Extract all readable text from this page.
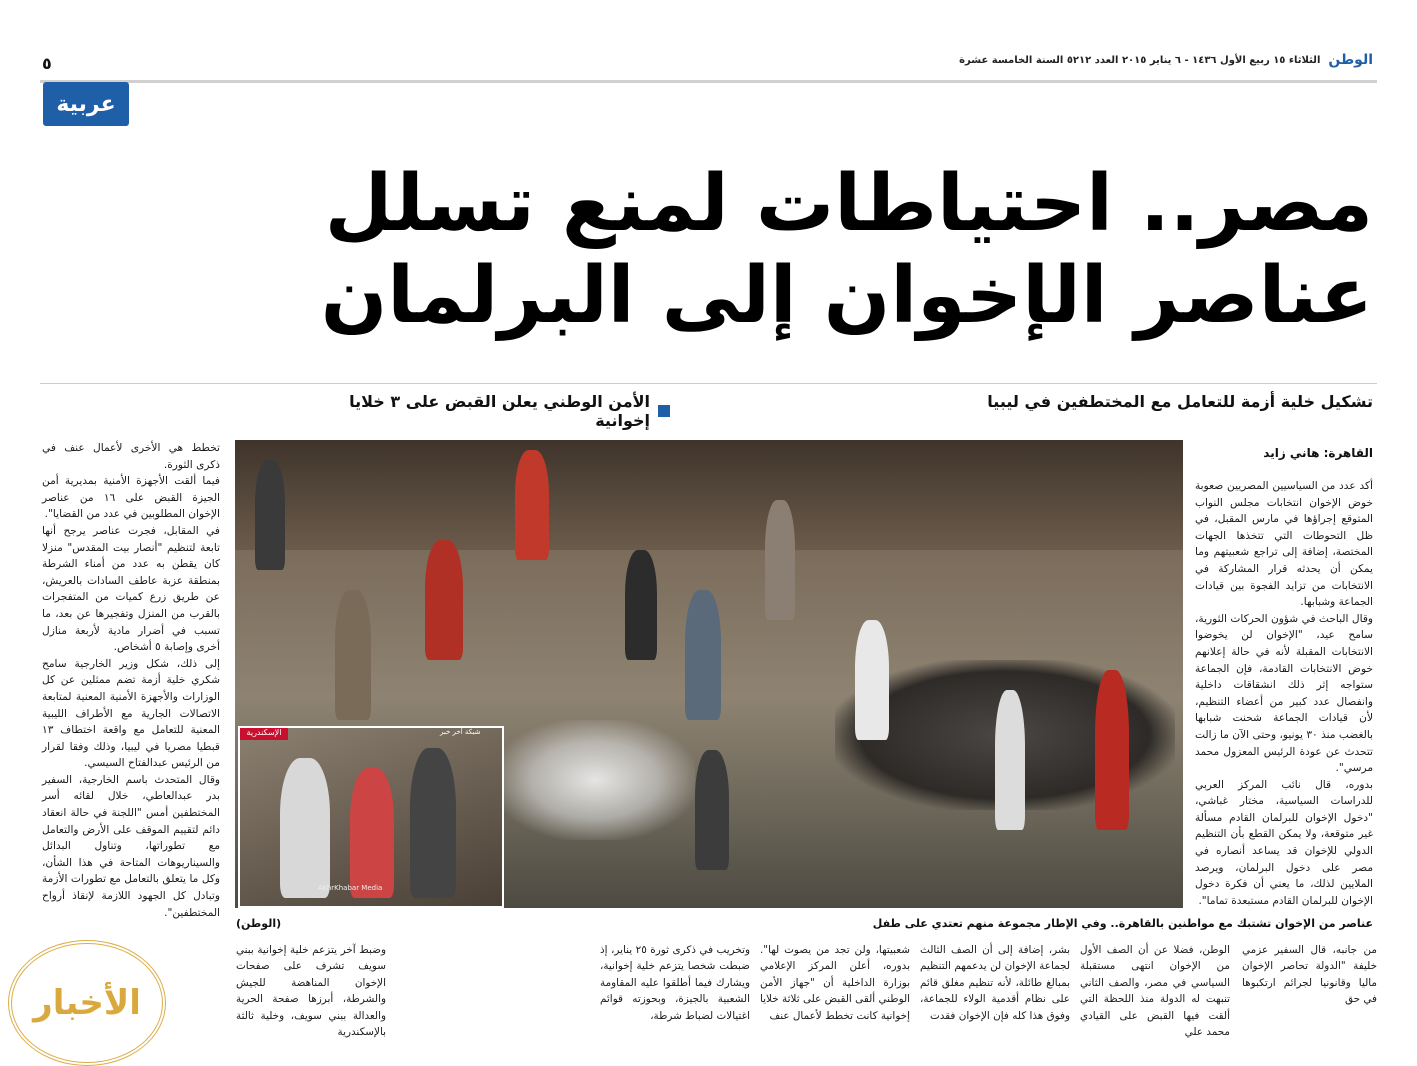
٥	الوطن
الثلاثاء ١٥ ربيع الأول ١٤٣٦ - ٦ يناير ٢٠١٥ العدد ٥٢١٢ السنة الخامسة عشرة
عربية
مصر.. احتياطات لمنع تسلل عناصر الإخوان إلى البرلمان
تشكيل خلية أزمة للتعامل مع المختطفين في ليبيا
الأمن الوطني يعلن القبض على ٣ خلايا إخوانية
القاهرة: هاني زايد
الإسكندرية	شبكة أخر خبر
AkhrKhabar Media
عناصر من الإخوان تشتبك مع مواطنين بالقاهرة.. وفي الإطار مجموعة منهم تعتدي على طفل
(الوطن)

أكد عدد من السياسيين المصريين صعوبة خوض الإخوان انتخابات مجلس النواب المتوقع إجراؤها في مارس المقبل، في ظل التحوطات التي تتخذها الجهات المختصة، إضافة إلى تراجع شعبيتهم وما يمكن أن يحدثه قرار المشاركة في الانتخابات من تزايد الفجوة بين قيادات الجماعة وشبابها.

وقال الباحث في شؤون الحركات الثورية، سامح عيد، "الإخوان لن يخوضوا الانتخابات المقبلة لأنه في حالة إعلانهم خوض الانتخابات القادمة، فإن الجماعة ستواجه إثر ذلك انشقاقات داخلية وانفصال عدد كبير من أعضاء التنظيم، لأن قيادات الجماعة شحنت شبابها بالغضب منذ ٣٠ يونيو، وحتى الآن ما زالت تتحدث عن عودة الرئيس المعزول محمد مرسي".

بدوره، قال نائب المركز العربي للدراسات السياسية، مختار غباشي، "دخول الإخوان للبرلمان القادم مسألة غير متوقعة، ولا يمكن القطع بأن التنظيم الدولي للإخوان قد يساعد أنصاره في مصر على دخول البرلمان، ويرصد الملايين لذلك، ما يعني أن فكرة دخول الإخوان للبرلمان القادم مستبعدة تماما".

تخطط هي الأخرى لأعمال عنف في ذكرى الثورة.

فيما ألقت الأجهزة الأمنية بمديرية أمن الجيزة القبض على ١٦ من عناصر الإخوان المطلوبين في عدد من القضايا".

في المقابل، فجرت عناصر يرجح أنها تابعة لتنظيم "أنصار بيت المقدس" منزلا كان يقطن به عدد من أمناء الشرطة بمنطقة عزبة عاطف السادات بالعريش، عن طريق زرع كميات من المتفجرات بالقرب من المنزل وتفجيرها عن بعد، ما تسبب في أضرار مادية لأربعة منازل أخرى وإصابة ٥ أشخاص.

إلى ذلك، شكل وزير الخارجية سامح شكري خلية أزمة تضم ممثلين عن كل الوزارات والأجهزة الأمنية المعنية لمتابعة الاتصالات الجارية مع الأطراف الليبية المعنية للتعامل مع واقعة اختطاف ١٣ قبطيا مصريا في ليبيا، وذلك وفقا لقرار من الرئيس عبدالفتاح السيسي.

وقال المتحدث باسم الخارجية، السفير بدر عبدالعاطي، خلال لقائه أسر المختطفين أمس "اللجنة في حالة انعقاد دائم لتقييم الموقف على الأرض والتعامل مع تطوراتها، وتناول البدائل والسيناريوهات المتاحة في هذا الشأن، وكل ما يتعلق بالتعامل مع تطورات الأزمة وتبادل كل الجهود اللازمة لإنقاذ أرواح المختطفين".

من جانبه، قال السفير عزمي خليفة "الدولة تحاصر الإخوان ماليا وقانونيا لجرائم ارتكبوها في حق
الوطن، فضلا عن أن الصف الأول من الإخوان انتهى مستقبلة السياسي في مصر، والصف الثاني تنبهت له الدولة منذ اللحظة التي ألقت فيها القبض على القيادي محمد علي
بشر، إضافة إلى أن الصف الثالث لجماعة الإخوان لن يدعمهم التنظيم بمبالغ طائلة، لأنه تنظيم مغلق قائم على نظام أقدمية الولاء للجماعة، وفوق هذا كله فإن الإخوان فقدت
شعبيتها، ولن تجد من يصوت لها". بدوره، أعلن المركز الإعلامي بوزارة الداخلية أن "جهاز الأمن الوطني ألقى القبض على ثلاثة خلايا إخوانية كانت تخطط لأعمال عنف
وتخريب في ذكرى ثورة ٢٥ يناير، إذ ضبطت شخصا يتزعم خلية إخوانية، ويشارك فيما أطلقوا عليه المقاومة الشعبية بالجيزة، وبحوزته قوائم اغتيالات لضباط شرطة،
وضبط آخر يتزعم خلية إخوانية ببني سويف تشرف على صفحات الإخوان المناهضة للجيش والشرطة، أبرزها صفحة الحرية والعدالة ببني سويف، وخلية ثالثة بالإسكندرية
الأخبار
